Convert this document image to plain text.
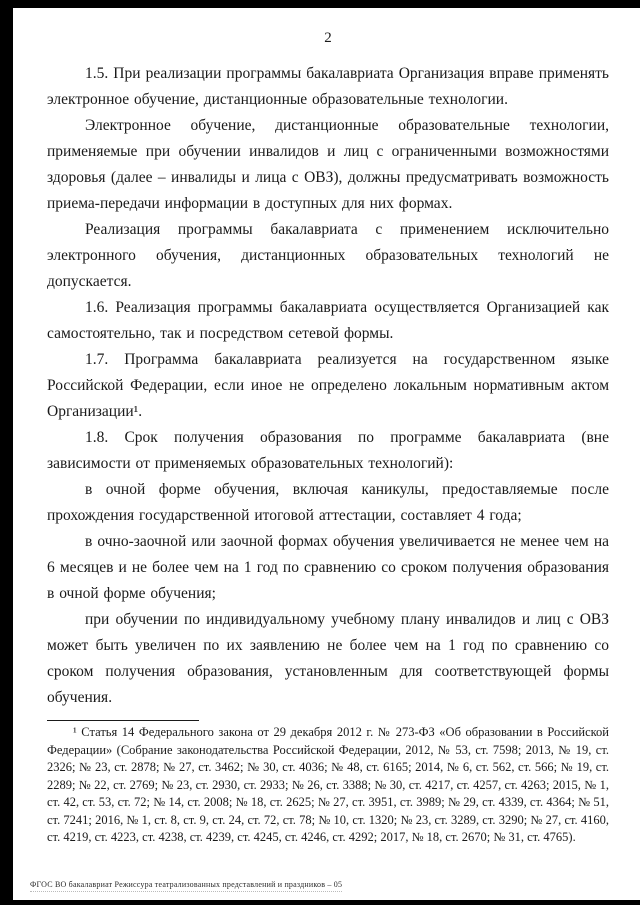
2

1.5. При реализации программы бакалавриата Организация вправе применять электронное обучение, дистанционные образовательные технологии.

Электронное обучение, дистанционные образовательные технологии, применяемые при обучении инвалидов и лиц с ограниченными возможностями здоровья (далее – инвалиды и лица с ОВЗ), должны предусматривать возможность приема-передачи информации в доступных для них формах.

Реализация программы бакалавриата с применением исключительно электронного обучения, дистанционных образовательных технологий не допускается.

1.6. Реализация программы бакалавриата осуществляется Организацией как самостоятельно, так и посредством сетевой формы.

1.7. Программа бакалавриата реализуется на государственном языке Российской Федерации, если иное не определено локальным нормативным актом Организации¹.

1.8. Срок получения образования по программе бакалавриата (вне зависимости от применяемых образовательных технологий):

в очной форме обучения, включая каникулы, предоставляемые после прохождения государственной итоговой аттестации, составляет 4 года;

в очно-заочной или заочной формах обучения увеличивается не менее чем на 6 месяцев и не более чем на 1 год по сравнению со сроком получения образования в очной форме обучения;

при обучении по индивидуальному учебному плану инвалидов и лиц с ОВЗ может быть увеличен по их заявлению не более чем на 1 год по сравнению со сроком получения образования, установленным для соответствующей формы обучения.

¹ Статья 14 Федерального закона от 29 декабря 2012 г. № 273-ФЗ «Об образовании в Российской Федерации» (Собрание законодательства Российской Федерации, 2012, № 53, ст. 7598; 2013, № 19, ст. 2326; № 23, ст. 2878; № 27, ст. 3462; № 30, ст. 4036; № 48, ст. 6165; 2014, № 6, ст. 562, ст. 566; № 19, ст. 2289; № 22, ст. 2769; № 23, ст. 2930, ст. 2933; № 26, ст. 3388; № 30, ст. 4217, ст. 4257, ст. 4263; 2015, № 1, ст. 42, ст. 53, ст. 72; № 14, ст. 2008; № 18, ст. 2625; № 27, ст. 3951, ст. 3989; № 29, ст. 4339, ст. 4364; № 51, ст. 7241; 2016, № 1, ст. 8, ст. 9, ст. 24, ст. 72, ст. 78; № 10, ст. 1320; № 23, ст. 3289, ст. 3290; № 27, ст. 4160, ст. 4219, ст. 4223, ст. 4238, ст. 4239, ст. 4245, ст. 4246, ст. 4292; 2017, № 18, ст. 2670; № 31, ст. 4765).

ФГОС ВО бакалавриат Режиссура театрализованных представлений и праздников – 05
